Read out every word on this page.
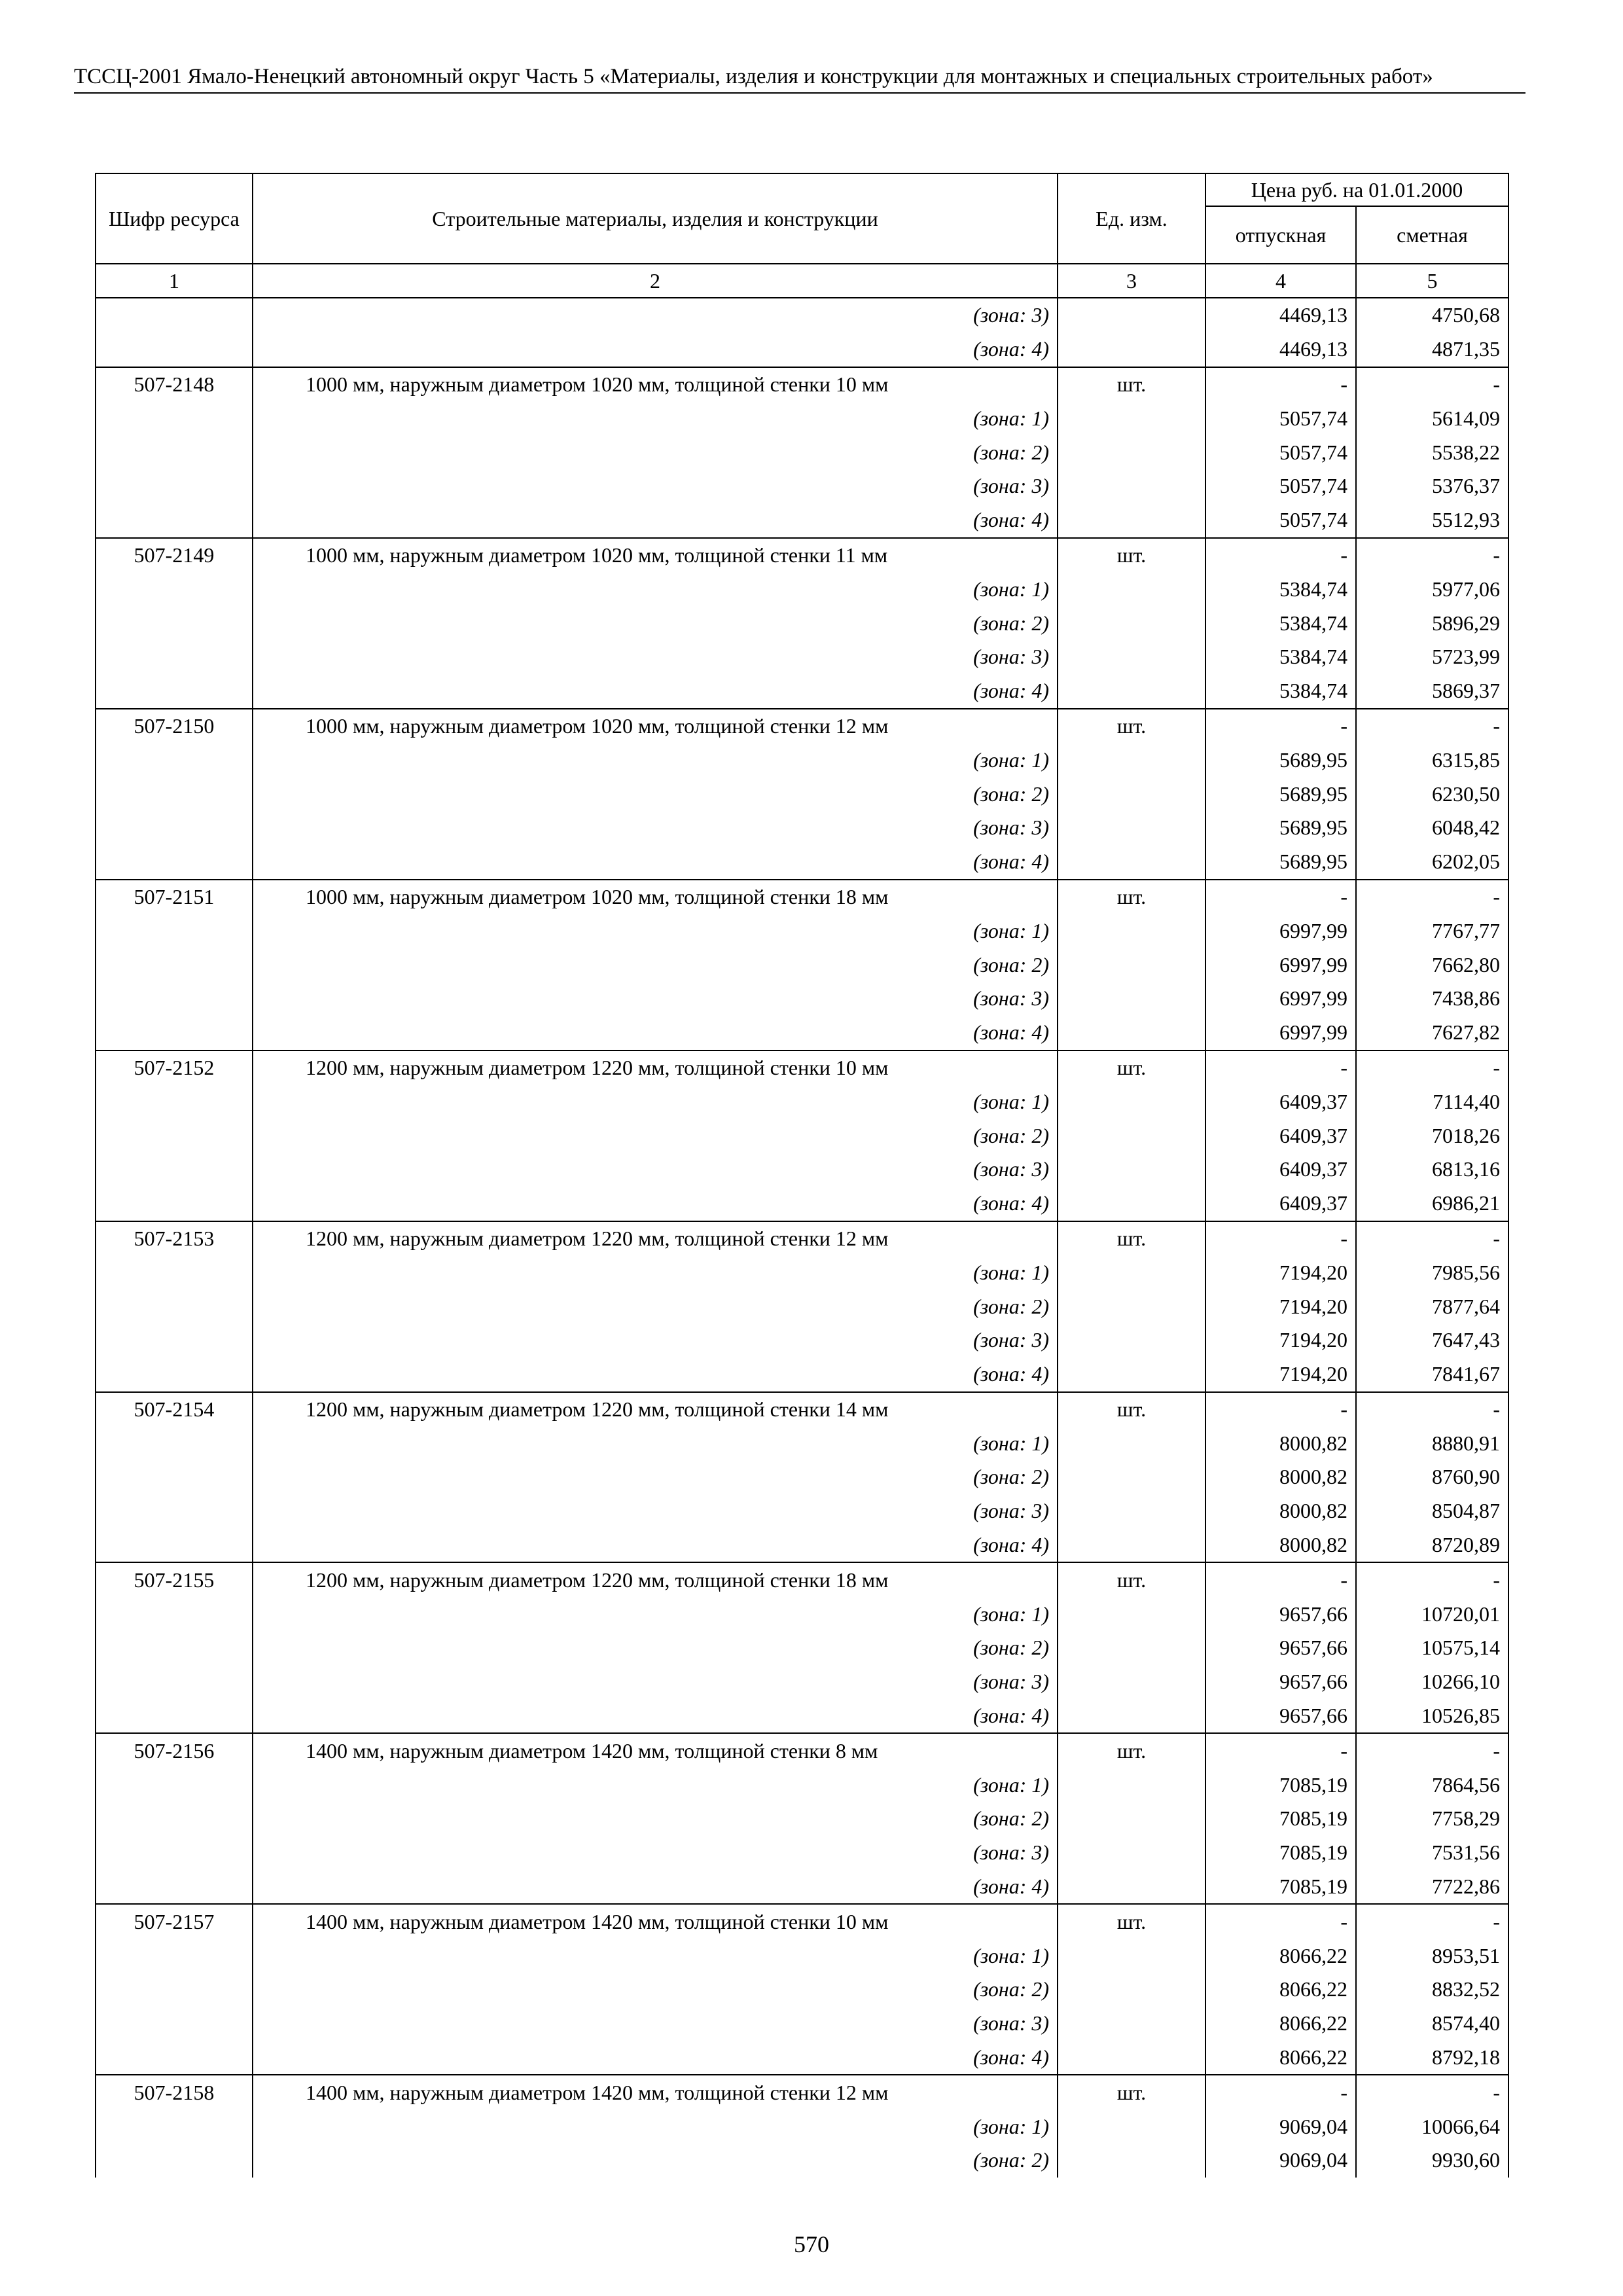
ТССЦ-2001 Ямало-Ненецкий автономный округ Часть 5 «Материалы, изделия и конструкции для монтажных и специальных строительных работ»
Шифр ресурса	Строительные материалы, изделия и конструкции	Ед. изм.	Цена руб. на 01.01.2000	
			отпускная	сметная
1	2	3	4	5
	(зона: 3)		4469,13	4750,68
	(зона: 4)		4469,13	4871,35
507-2148	1000 мм, наружным диаметром 1020 мм, толщиной стенки 10 мм	шт.	-	-
	(зона: 1)		5057,74	5614,09
	(зона: 2)		5057,74	5538,22
	(зона: 3)		5057,74	5376,37
	(зона: 4)		5057,74	5512,93
507-2149	1000 мм, наружным диаметром 1020 мм, толщиной стенки 11 мм	шт.	-	-
	(зона: 1)		5384,74	5977,06
	(зона: 2)		5384,74	5896,29
	(зона: 3)		5384,74	5723,99
	(зона: 4)		5384,74	5869,37
507-2150	1000 мм, наружным диаметром 1020 мм, толщиной стенки 12 мм	шт.	-	-
	(зона: 1)		5689,95	6315,85
	(зона: 2)		5689,95	6230,50
	(зона: 3)		5689,95	6048,42
	(зона: 4)		5689,95	6202,05
507-2151	1000 мм, наружным диаметром 1020 мм, толщиной стенки 18 мм	шт.	-	-
	(зона: 1)		6997,99	7767,77
	(зона: 2)		6997,99	7662,80
	(зона: 3)		6997,99	7438,86
	(зона: 4)		6997,99	7627,82
507-2152	1200 мм, наружным диаметром 1220 мм, толщиной стенки 10 мм	шт.	-	-
	(зона: 1)		6409,37	7114,40
	(зона: 2)		6409,37	7018,26
	(зона: 3)		6409,37	6813,16
	(зона: 4)		6409,37	6986,21
507-2153	1200 мм, наружным диаметром 1220 мм, толщиной стенки 12 мм	шт.	-	-
	(зона: 1)		7194,20	7985,56
	(зона: 2)		7194,20	7877,64
	(зона: 3)		7194,20	7647,43
	(зона: 4)		7194,20	7841,67
507-2154	1200 мм, наружным диаметром 1220 мм, толщиной стенки 14 мм	шт.	-	-
	(зона: 1)		8000,82	8880,91
	(зона: 2)		8000,82	8760,90
	(зона: 3)		8000,82	8504,87
	(зона: 4)		8000,82	8720,89
507-2155	1200 мм, наружным диаметром 1220 мм, толщиной стенки 18 мм	шт.	-	-
	(зона: 1)		9657,66	10720,01
	(зона: 2)		9657,66	10575,14
	(зона: 3)		9657,66	10266,10
	(зона: 4)		9657,66	10526,85
507-2156	1400 мм, наружным диаметром 1420 мм, толщиной стенки 8 мм	шт.	-	-
	(зона: 1)		7085,19	7864,56
	(зона: 2)		7085,19	7758,29
	(зона: 3)		7085,19	7531,56
	(зона: 4)		7085,19	7722,86
507-2157	1400 мм, наружным диаметром 1420 мм, толщиной стенки 10 мм	шт.	-	-
	(зона: 1)		8066,22	8953,51
	(зона: 2)		8066,22	8832,52
	(зона: 3)		8066,22	8574,40
	(зона: 4)		8066,22	8792,18
507-2158	1400 мм, наружным диаметром 1420 мм, толщиной стенки 12 мм	шт.	-	-
	(зона: 1)		9069,04	10066,64
	(зона: 2)		9069,04	9930,60
570
